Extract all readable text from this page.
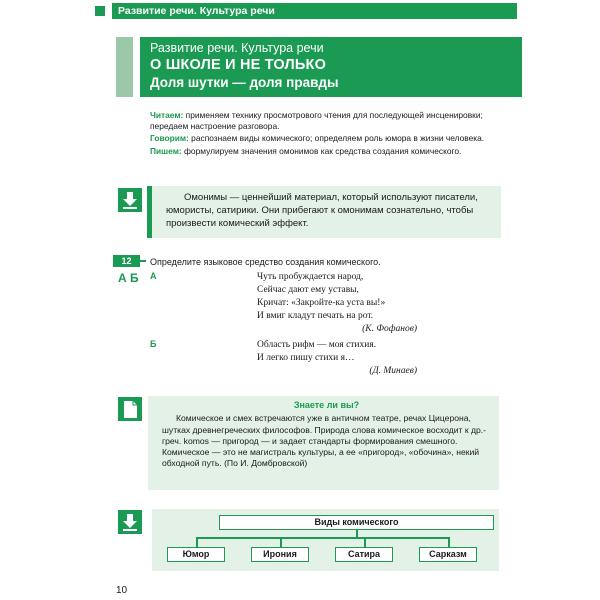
Развитие речи. Культура речи
Развитие речи. Культура речи
О ШКОЛЕ И НЕ ТОЛЬКО
Доля шутки — доля правды

Читаем: применяем технику просмотрового чтения для последующей инсценировки; передаем настроение разговора.

Говорим: распознаем виды комического; определяем роль юмора в жизни человека.

Пишем: формулируем значения омонимов как средства создания комического.

Омонимы — ценнейший материал, который используют писатели, юмористы, сатирики. Они прибегают к омонимам сознательно, чтобы произвести комический эффект.
12	Определите языковое средство создания комического.
А Б	А	Чуть пробуждается народ,
Сейчас дают ему уставы,
Кричат: «Закройте-ка уста вы!»
И вмиг кладут печать на рот.
(К. Фофанов)
Б	Область рифм — моя стихия.
И легко пишу стихи я…
(Д. Минаев)
Знаете ли вы?
Комическое и смех встречаются уже в античном театре, речах Цицерона, шутках древнегреческих философов. Природа слова комическое восходит к др.-греч. komos — пригород — и задает стандарты формирования смешного. Комическое — это не магистраль культуры, а ее «пригород», «обочина», некий обходной путь. (По И. Домбровской)
Виды комического
Юмор	Ирония	Сатира	Сарказм
10
